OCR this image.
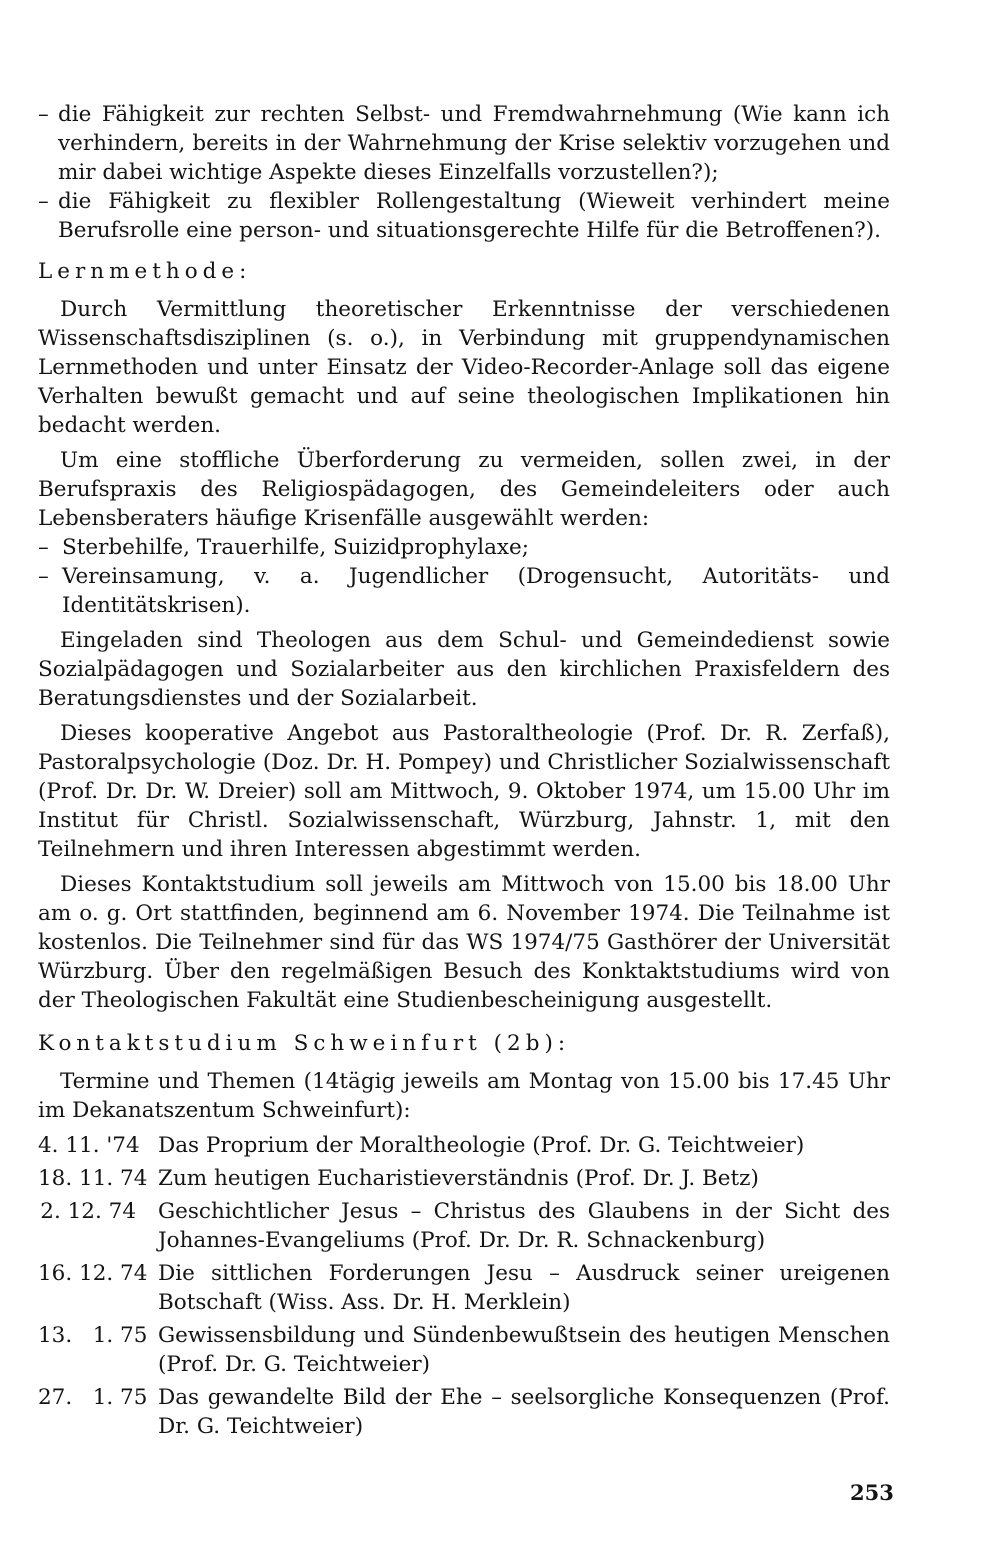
– die Fähigkeit zur rechten Selbst- und Fremdwahrnehmung (Wie kann ich verhindern, bereits in der Wahrnehmung der Krise selektiv vorzugehen und mir dabei wichtige Aspekte dieses Einzelfalls vorzustellen?);

– die Fähigkeit zu flexibler Rollengestaltung (Wieweit verhindert meine Berufsrolle eine person- und situationsgerechte Hilfe für die Betroffenen?).

Lernmethode:

Durch Vermittlung theoretischer Erkenntnisse der verschiedenen Wissenschaftsdisziplinen (s. o.), in Verbindung mit gruppendynamischen Lernmethoden und unter Einsatz der Video-Recorder-Anlage soll das eigene Verhalten bewußt gemacht und auf seine theologischen Implikationen hin bedacht werden.

Um eine stoffliche Überforderung zu vermeiden, sollen zwei, in der Berufspraxis des Religiospädagogen, des Gemeindeleiters oder auch Lebensberaters häufige Krisenfälle ausgewählt werden:

– Sterbehilfe, Trauerhilfe, Suizidprophylaxe;

– Vereinsamung, v. a. Jugendlicher (Drogensucht, Autoritäts- und Identitätskrisen).

Eingeladen sind Theologen aus dem Schul- und Gemeindedienst sowie Sozialpädagogen und Sozialarbeiter aus den kirchlichen Praxisfeldern des Beratungsdienstes und der Sozialarbeit.

Dieses kooperative Angebot aus Pastoraltheologie (Prof. Dr. R. Zerfaß), Pastoralpsychologie (Doz. Dr. H. Pompey) und Christlicher Sozialwissenschaft (Prof. Dr. Dr. W. Dreier) soll am Mittwoch, 9. Oktober 1974, um 15.00 Uhr im Institut für Christl. Sozialwissenschaft, Würzburg, Jahnstr. 1, mit den Teilnehmern und ihren Interessen abgestimmt werden.

Dieses Kontaktstudium soll jeweils am Mittwoch von 15.00 bis 18.00 Uhr am o. g. Ort stattfinden, beginnend am 6. November 1974. Die Teilnahme ist kostenlos. Die Teilnehmer sind für das WS 1974/75 Gasthörer der Universität Würzburg. Über den regelmäßigen Besuch des Konktaktstudiums wird von der Theologischen Fakultät eine Studienbescheinigung ausgestellt.

Kontaktstudium Schweinfurt (2b):

Termine und Themen (14tägig jeweils am Montag von 15.00 bis 17.45 Uhr im Dekanatszentum Schweinfurt):

4. 11. '74 Das Proprium der Moraltheologie (Prof. Dr. G. Teichtweier)
18. 11. 74 Zum heutigen Eucharistieverständnis (Prof. Dr. J. Betz)
2. 12. 74	Geschichtlicher Jesus – Christus des Glaubens in der Sicht des Johannes-Evangeliums (Prof. Dr. Dr. R. Schnackenburg)
16. 12. 74 Die sittlichen Forderungen Jesu – Ausdruck seiner ureigenen Botschaft (Wiss. Ass. Dr. H. Merklein)
13.   1. 75 Gewissensbildung und Sündenbewußtsein des heutigen Menschen (Prof. Dr. G. Teichtweier)
27.   1. 75 Das gewandelte Bild der Ehe – seelsorgliche Konsequenzen (Prof. Dr. G. Teichtweier)
253
